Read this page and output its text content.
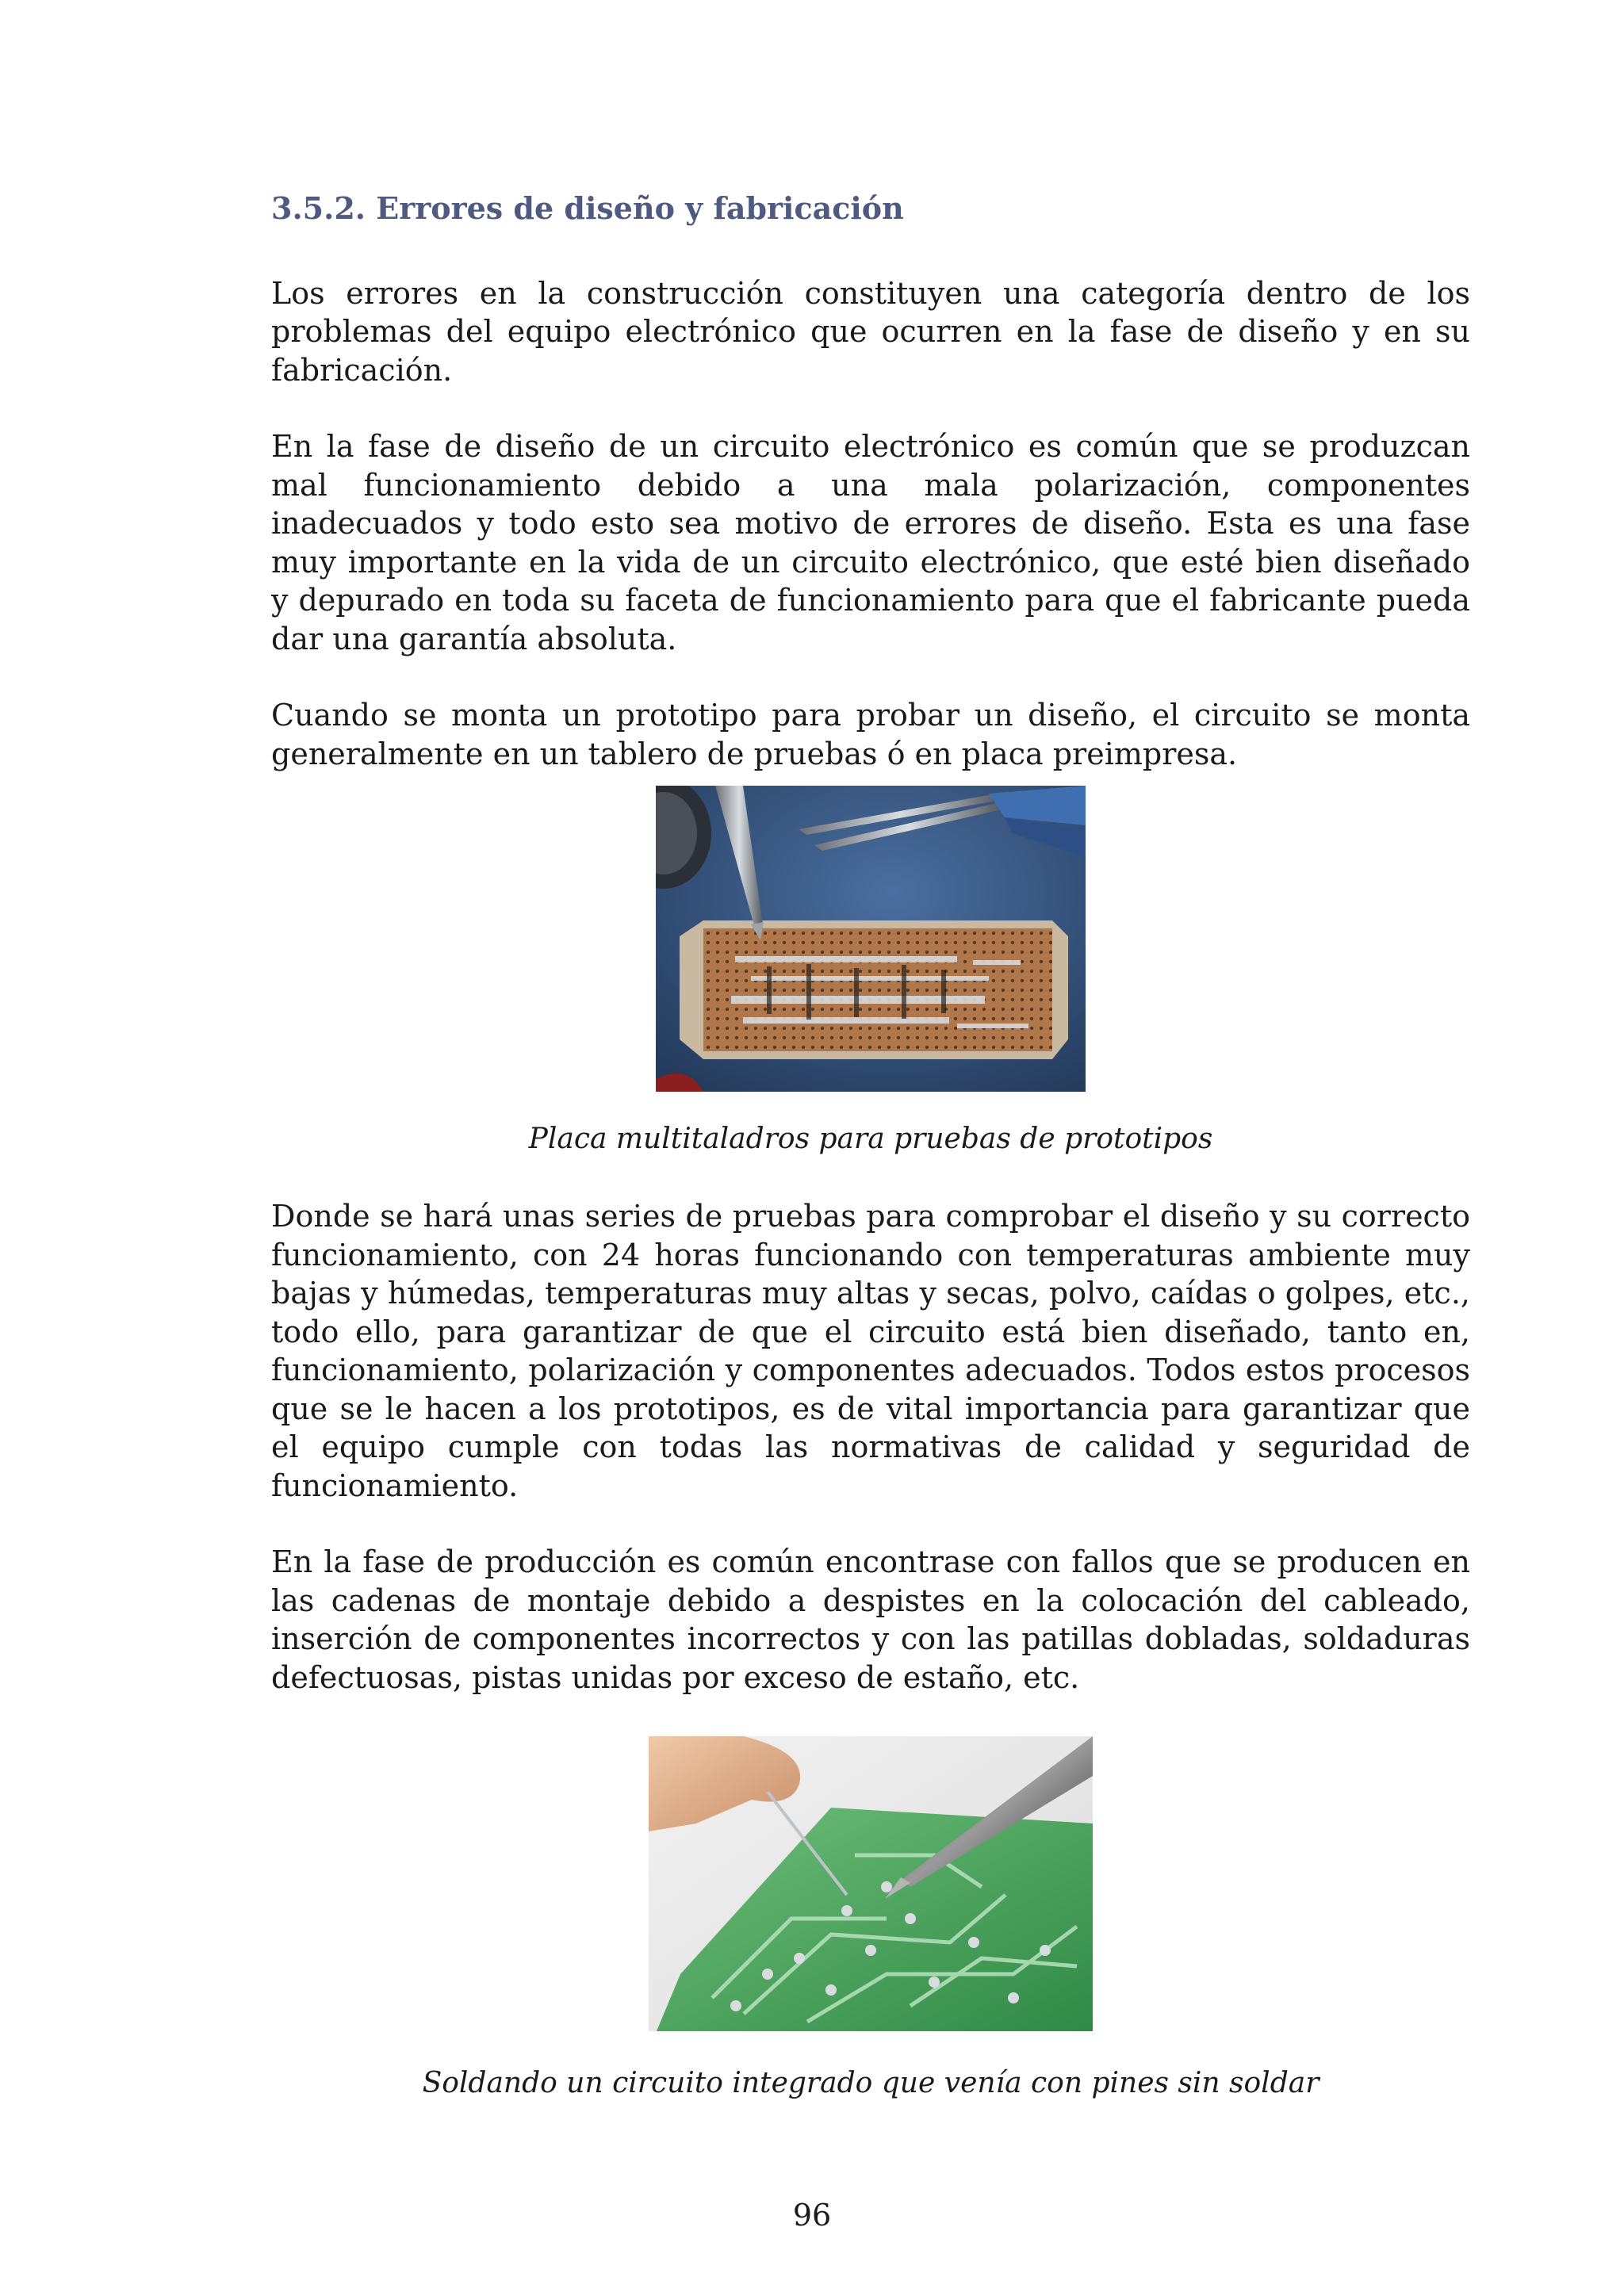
3.5.2. Errores de diseño y fabricación

Los errores en la construcción constituyen una categoría dentro de los problemas del equipo electrónico que ocurren en la fase de diseño y en su fabricación.

En la fase de diseño de un circuito electrónico es común que se produzcan mal funcionamiento debido a una mala polarización, componentes inadecuados y todo esto sea motivo de errores de diseño. Esta es una fase muy importante en la vida de un circuito electrónico, que esté bien diseñado y depurado en toda su faceta de funcionamiento para que el fabricante pueda dar una garantía absoluta.

Cuando se monta un prototipo para probar un diseño, el circuito se monta generalmente en un tablero de pruebas ó en placa preimpresa.

Placa multitaladros para pruebas de prototipos

Donde se hará unas series de pruebas para comprobar el diseño y su correcto funcionamiento, con 24 horas funcionando con temperaturas ambiente muy bajas y húmedas, temperaturas muy altas y secas, polvo, caídas o golpes, etc., todo ello, para garantizar de que el circuito está bien diseñado, tanto en, funcionamiento, polarización y componentes adecuados. Todos estos procesos que se le hacen a los prototipos, es de vital importancia para garantizar que el equipo cumple con todas las normativas de calidad y seguridad de funcionamiento.

En la fase de producción es común encontrase con fallos que se producen en las cadenas de montaje debido a despistes en la colocación del cableado, inserción de componentes incorrectos y con las patillas dobladas, soldaduras defectuosas, pistas unidas por exceso de estaño, etc.

Soldando un circuito integrado que venía con pines sin soldar
96
